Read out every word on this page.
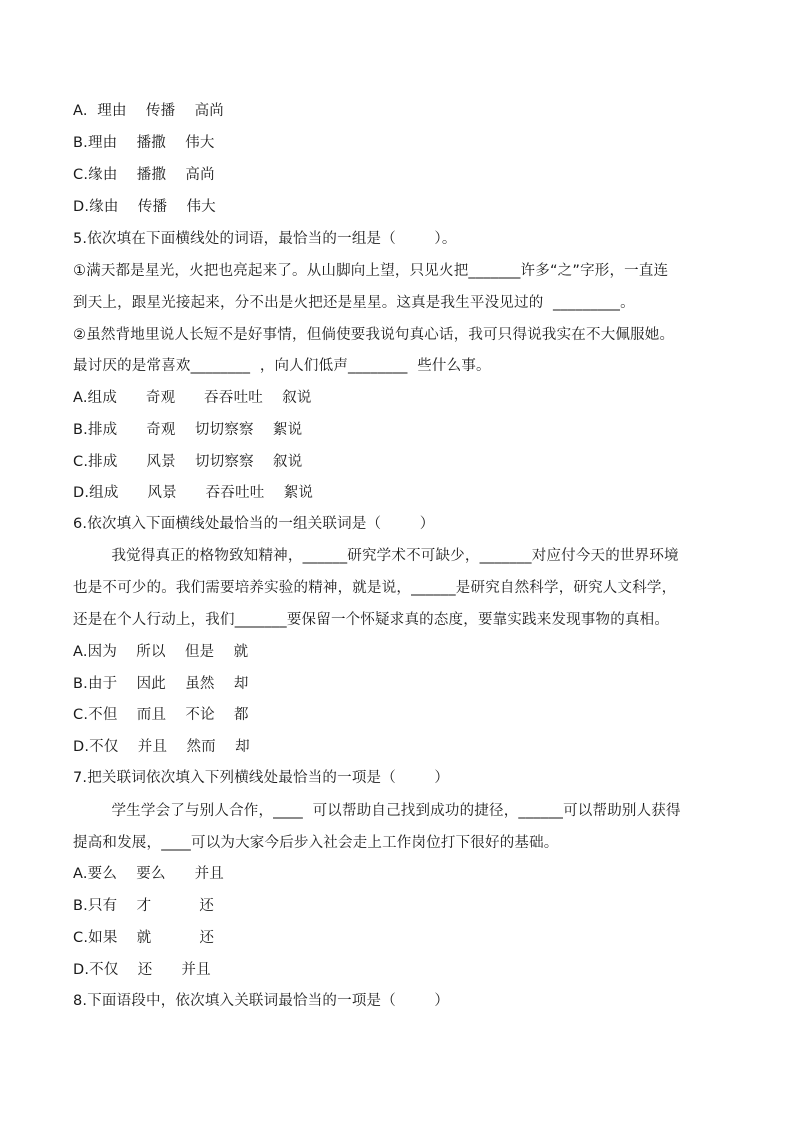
A.  理由    传播    高尚
B.理由    播撒    伟大
C.缘由    播撒    高尚
D.缘由    传播    伟大
5.依次填在下面横线处的词语，最恰当的一组是（        ）。
①满天都是星光，火把也亮起来了。从山脚向上望，只见火把_______许多“之”字形，一直连
到天上，跟星光接起来，分不出是火把还是星星。这真是我生平没见过的  _________。
②虽然背地里说人长短不是好事情，但倘使要我说句真心话，我可只得说我实在不大佩服她。
最讨厌的是常喜欢________  ，向人们低声________  些什么事。
A.组成      奇观      吞吞吐吐    叙说
B.排成      奇观    切切察察    絮说
C.排成      风景    切切察察    叙说
D.组成      风景      吞吞吐吐    絮说
6.依次填入下面横线处最恰当的一组关联词是（        ）
我觉得真正的格物致知精神，______研究学术不可缺少，_______对应付今天的世界环境
也是不可少的。我们需要培养实验的精神，就是说，______是研究自然科学，研究人文科学，
还是在个人行动上，我们_______要保留一个怀疑求真的态度，要靠实践来发现事物的真相。
A.因为    所以    但是    就
B.由于    因此    虽然    却
C.不但    而且    不论    都
D.不仅    并且    然而    却
7.把关联词依次填入下列横线处最恰当的一项是（        ）
学生学会了与别人合作，____  可以帮助自己找到成功的捷径，______可以帮助别人获得
提高和发展，____可以为大家今后步入社会走上工作岗位打下很好的基础。
A.要么    要么      并且
B.只有    才          还
C.如果    就          还
D.不仅    还      并且
8.下面语段中，依次填入关联词最恰当的一项是（        ）
